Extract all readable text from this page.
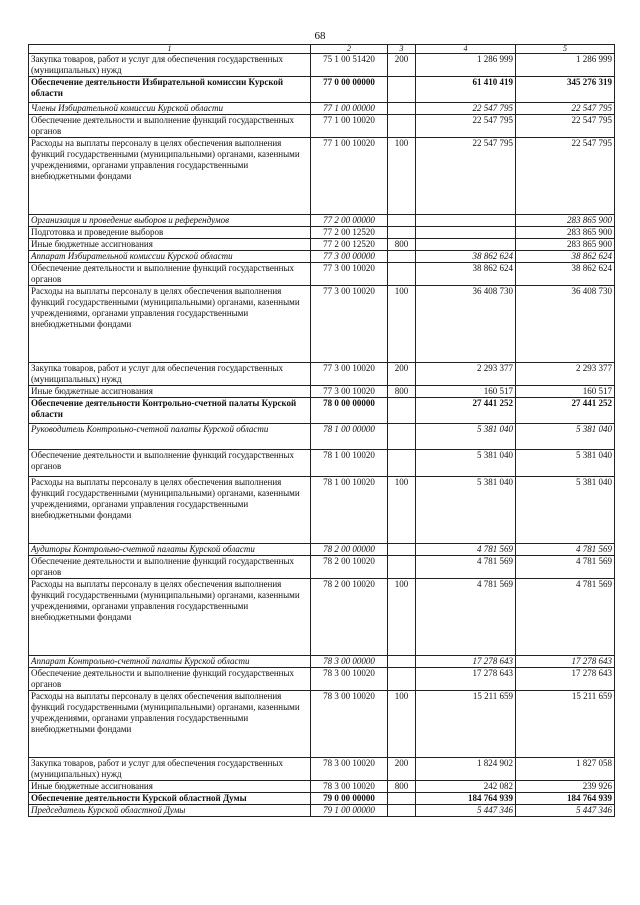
68
1	2	3	4	5
Закупка товаров, работ и услуг для обеспечения государственных (муниципальных) нужд	75 1 00 51420	200	1 286 999	1 286 999
Обеспечение деятельности Избирательной комиссии Курской области	77 0 00 00000		61 410 419	345 276 319
Члены Избирательной комиссии Курской области	77 1 00 00000		22 547 795	22 547 795
Обеспечение деятельности и выполнение функций государственных органов	77 1 00 10020		22 547 795	22 547 795
Расходы на выплаты персоналу в целях обеспечения выполнения функций государственными (муниципальными) органами, казенными учреждениями, органами управления государственными внебюджетными фондами	77 1 00 10020	100	22 547 795	22 547 795
Организация и проведение выборов и референдумов	77 2 00 00000			283 865 900
Подготовка и проведение выборов	77 2 00 12520			283 865 900
Иные бюджетные ассигнования	77 2 00 12520	800		283 865 900
Аппарат Избирательной комиссии Курской области	77 3 00 00000		38 862 624	38 862 624
Обеспечение деятельности и выполнение функций государственных органов	77 3 00 10020		38 862 624	38 862 624
Расходы на выплаты персоналу в целях обеспечения выполнения функций государственными (муниципальными) органами, казенными учреждениями, органами управления государственными внебюджетными фондами	77 3 00 10020	100	36 408 730	36 408 730
Закупка товаров, работ и услуг для обеспечения государственных (муниципальных) нужд	77 3 00 10020	200	2 293 377	2 293 377
Иные бюджетные ассигнования	77 3 00 10020	800	160 517	160 517
Обеспечение деятельности Контрольно-счетной палаты Курской области	78 0 00 00000		27 441 252	27 441 252
Руководитель Контрольно-счетной палаты Курской области	78 1 00 00000		5 381 040	5 381 040
Обеспечение деятельности и выполнение функций государственных органов	78 1 00 10020		5 381 040	5 381 040
Расходы на выплаты персоналу в целях обеспечения выполнения функций государственными (муниципальными) органами, казенными учреждениями, органами управления государственными внебюджетными фондами	78 1 00 10020	100	5 381 040	5 381 040
Аудиторы Контрольно-счетной палаты Курской области	78 2 00 00000		4 781 569	4 781 569
Обеспечение деятельности и выполнение функций государственных органов	78 2 00 10020		4 781 569	4 781 569
Расходы на выплаты персоналу в целях обеспечения выполнения функций государственными (муниципальными) органами, казенными учреждениями, органами управления государственными внебюджетными фондами	78 2 00 10020	100	4 781 569	4 781 569
Аппарат Контрольно-счетной палаты Курской области	78 3 00 00000		17 278 643	17 278 643
Обеспечение деятельности и выполнение функций государственных органов	78 3 00 10020		17 278 643	17 278 643
Расходы на выплаты персоналу в целях обеспечения выполнения функций государственными (муниципальными) органами, казенными учреждениями, органами управления государственными внебюджетными фондами	78 3 00 10020	100	15 211 659	15 211 659
Закупка товаров, работ и услуг для обеспечения государственных (муниципальных) нужд	78 3 00 10020	200	1 824 902	1 827 058
Иные бюджетные ассигнования	78 3 00 10020	800	242 082	239 926
Обеспечение деятельности Курской областной Думы	79 0 00 00000		184 764 939	184 764 939
Председатель Курской областной Думы	79 1 00 00000		5 447 346	5 447 346
